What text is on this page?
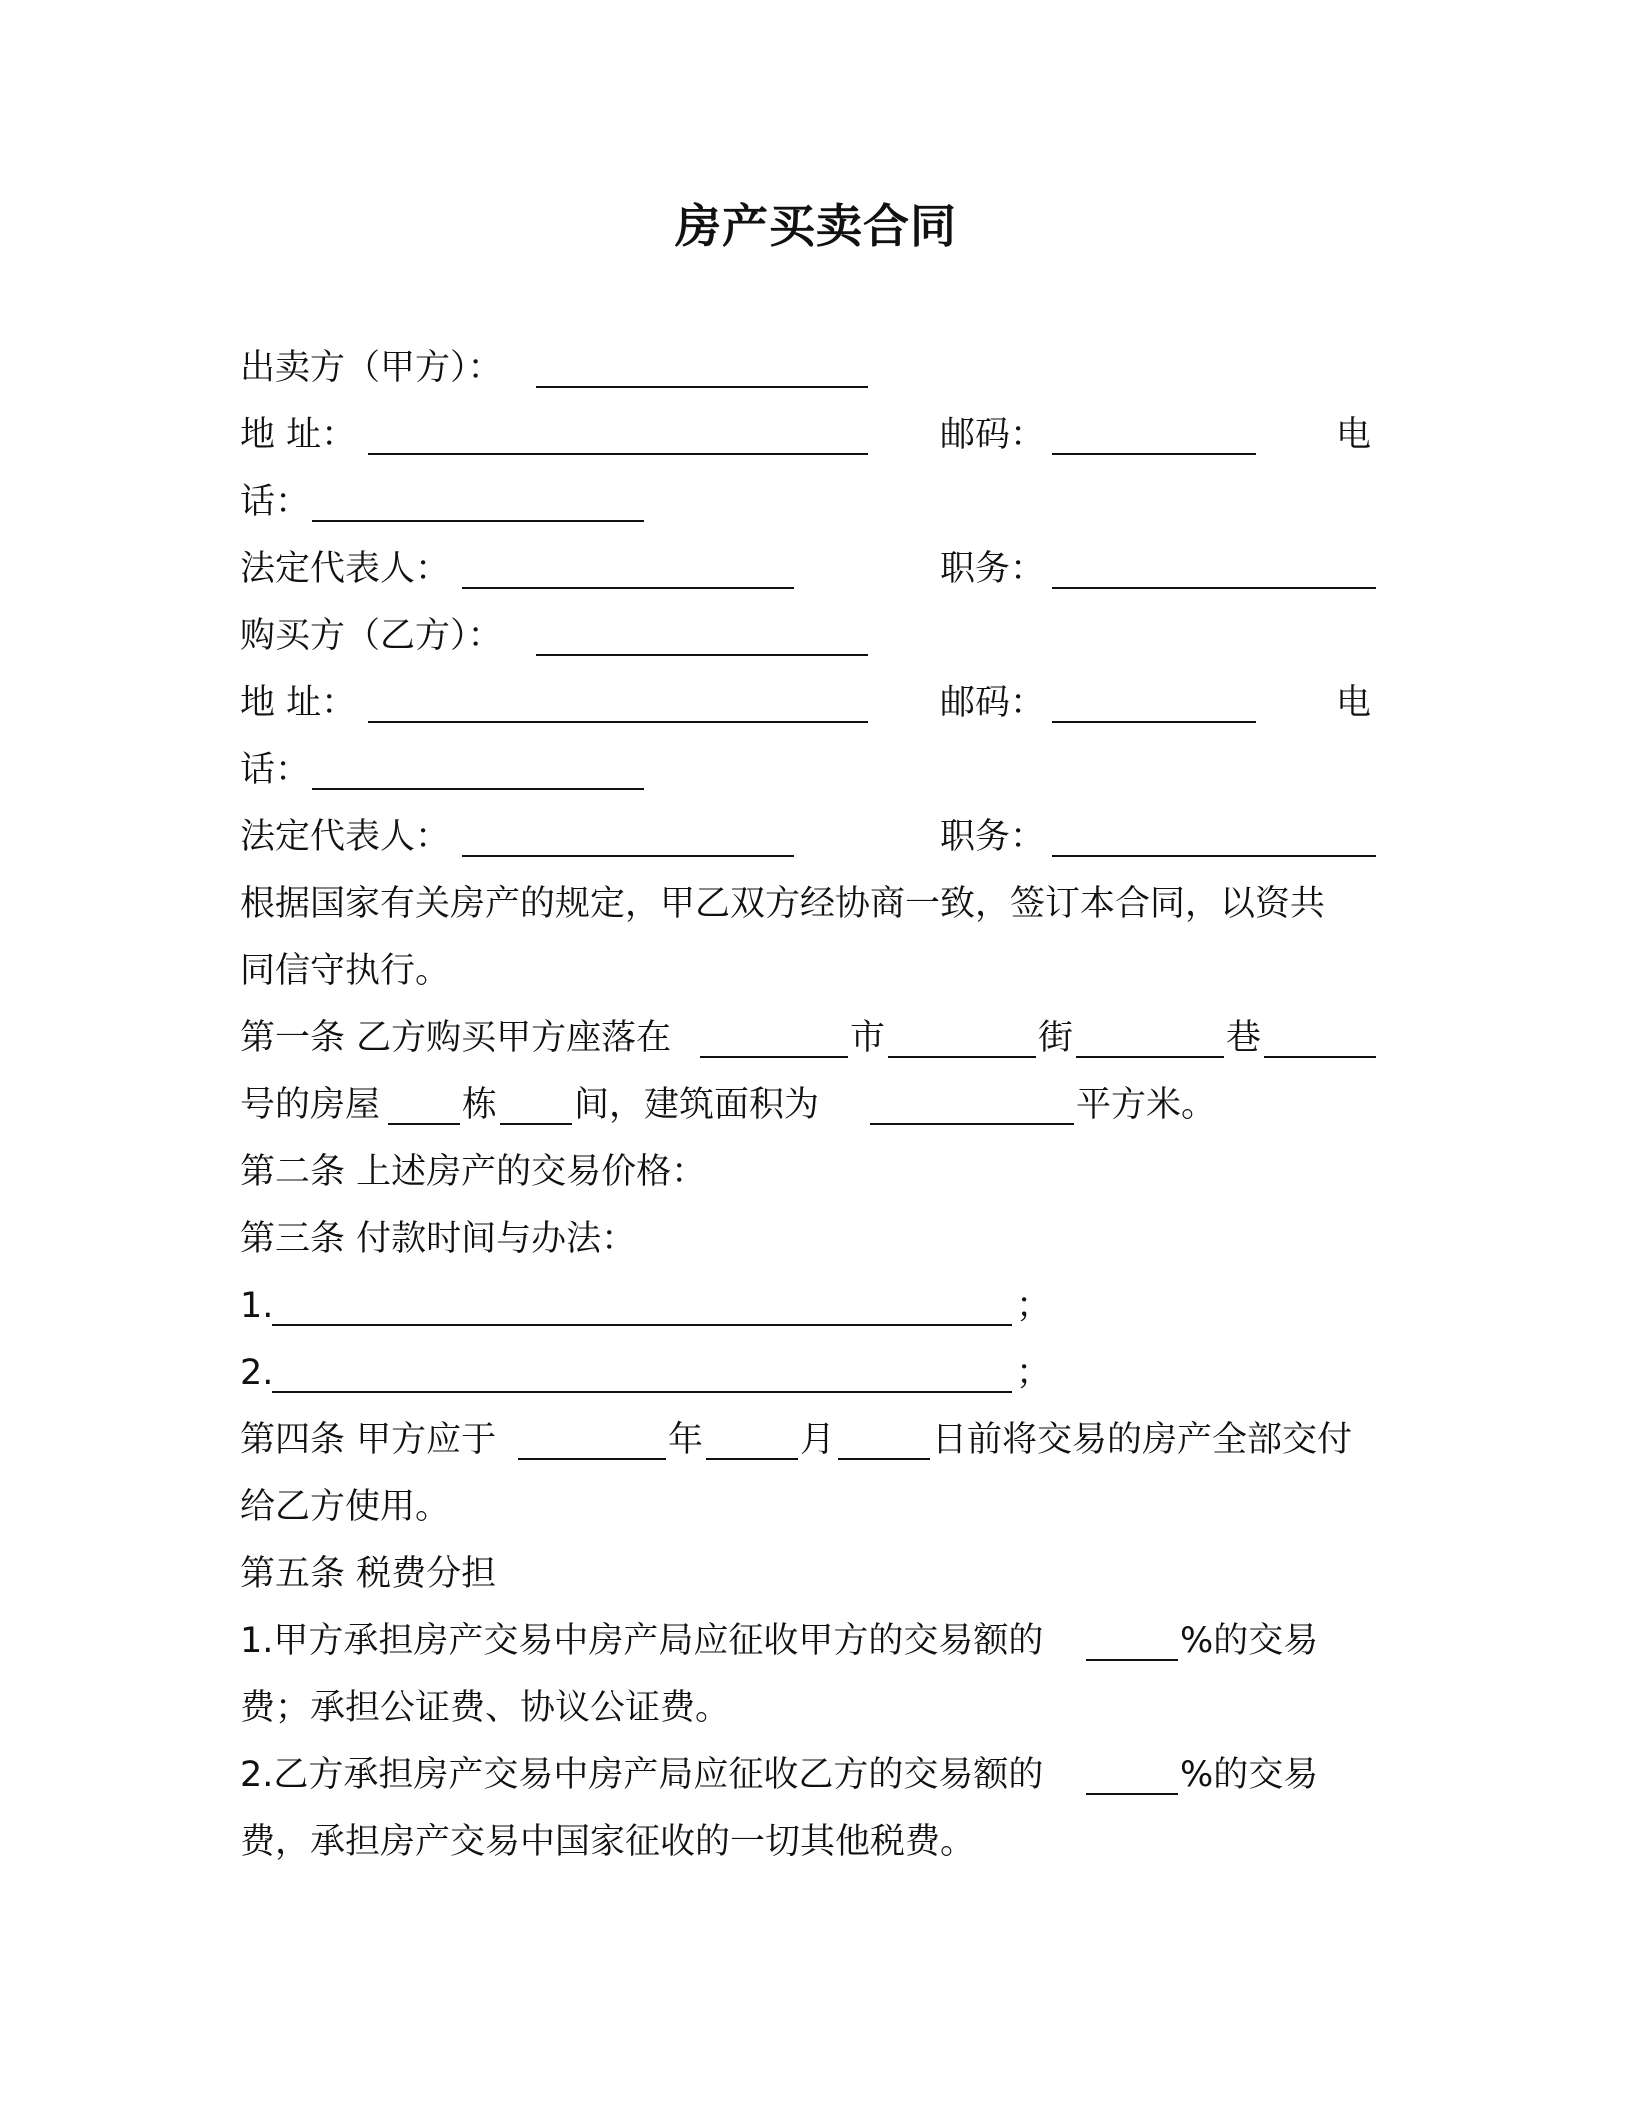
房产买卖合同
出卖方（甲方）：
地 址：	邮码：	电
话：
法定代表人：	职务：
购买方（乙方）：
地 址：	邮码：	电
话：
法定代表人：	职务：
根据国家有关房产的规定，甲乙双方经协商一致，签订本合同，以资共
同信守执行。
第一条 乙方购买甲方座落在	市	街	巷
号的房屋 栋 间，建筑面积为	平方米。
第二条 上述房产的交易价格：
第三条 付款时间与办法：
1.	；
2.	；
第四条 甲方应于	年	月	日前将交易的房产全部交付
给乙方使用。
第五条 税费分担
1.甲方承担房产交易中房产局应征收甲方的交易额的	%的交易
费；承担公证费、协议公证费。
2.乙方承担房产交易中房产局应征收乙方的交易额的	%的交易
费，承担房产交易中国家征收的一切其他税费。
